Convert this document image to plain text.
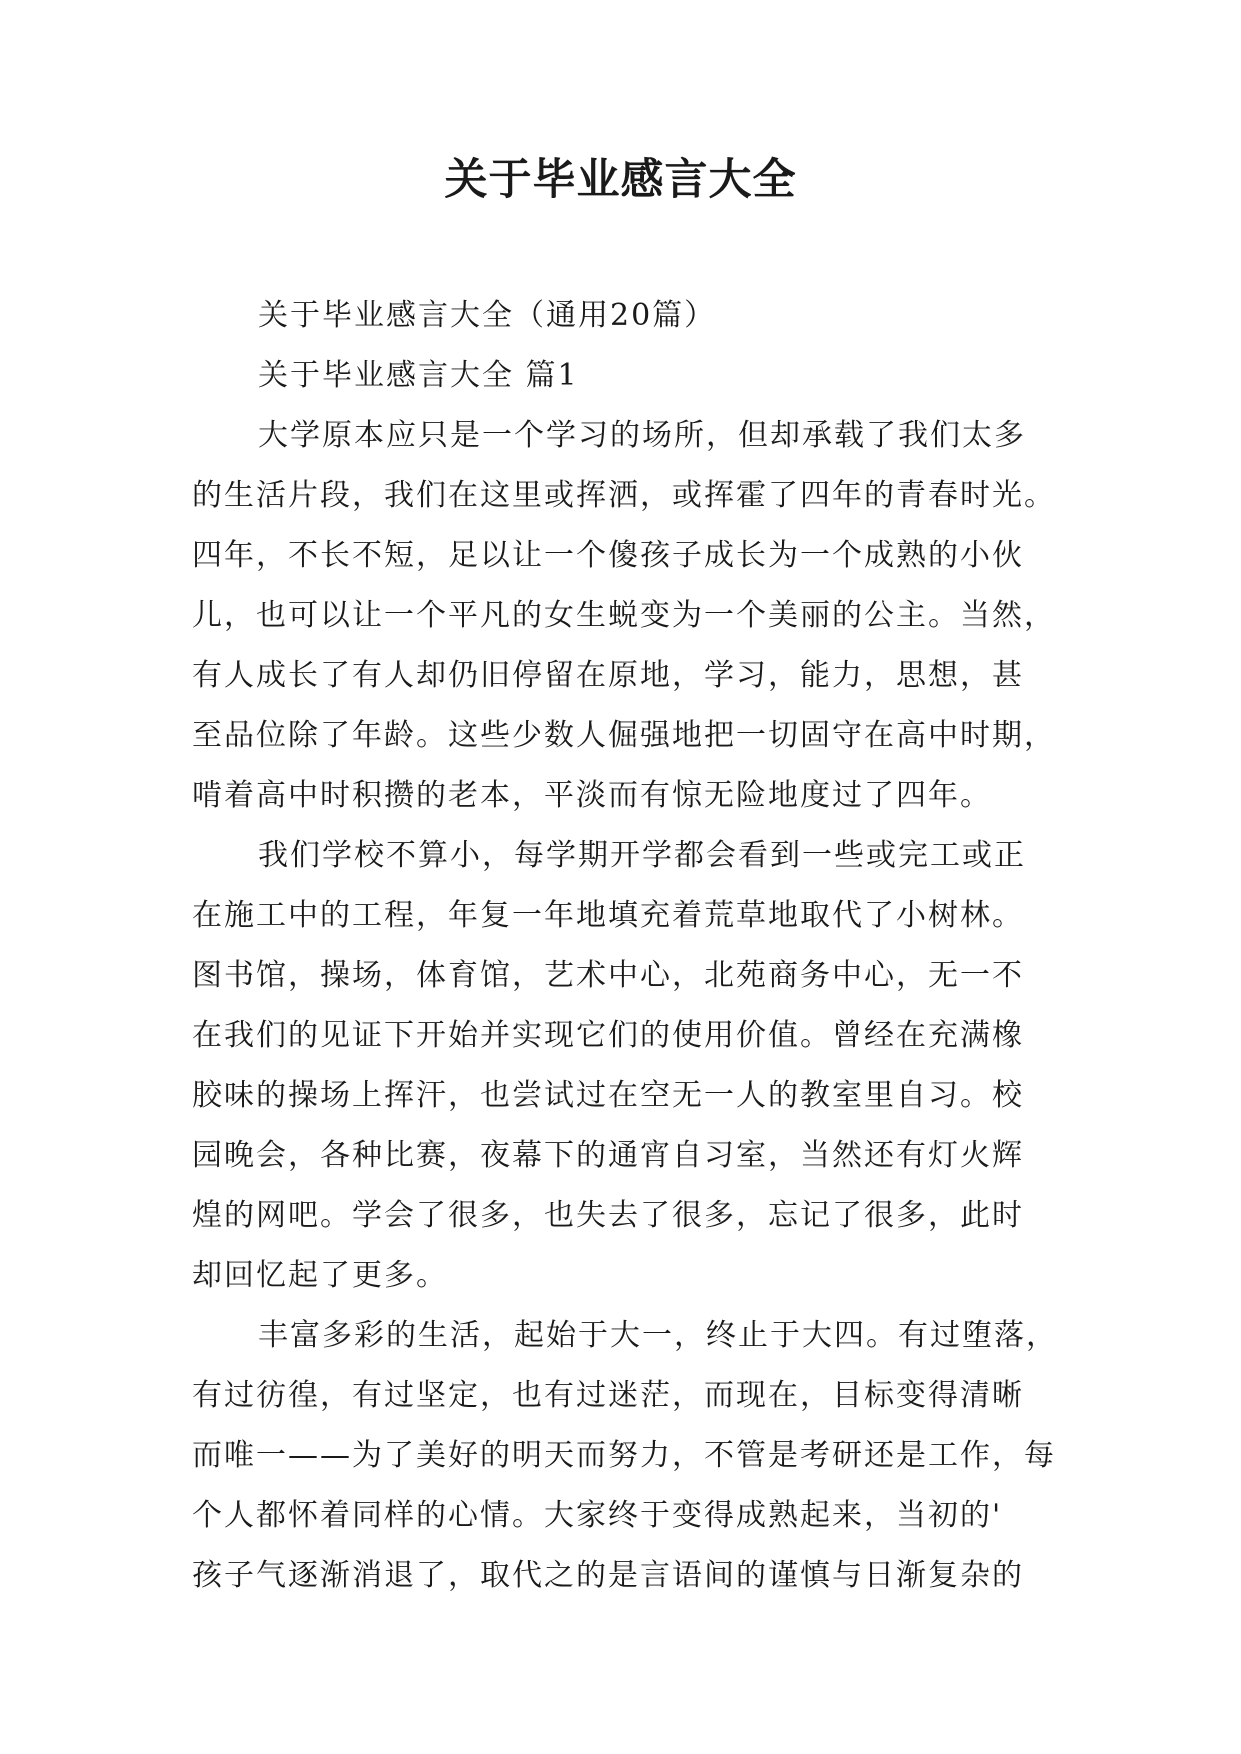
关于毕业感言大全
关于毕业感言大全（通用20篇）
关于毕业感言大全 篇1
大学原本应只是一个学习的场所，但却承载了我们太多
的生活片段，我们在这里或挥洒，或挥霍了四年的青春时光。
四年，不长不短，足以让一个傻孩子成长为一个成熟的小伙
儿，也可以让一个平凡的女生蜕变为一个美丽的公主。当然，
有人成长了有人却仍旧停留在原地，学习，能力，思想，甚
至品位除了年龄。这些少数人倔强地把一切固守在高中时期，
啃着高中时积攒的老本，平淡而有惊无险地度过了四年。
我们学校不算小，每学期开学都会看到一些或完工或正
在施工中的工程，年复一年地填充着荒草地取代了小树林。
图书馆，操场，体育馆，艺术中心，北苑商务中心，无一不
在我们的见证下开始并实现它们的使用价值。曾经在充满橡
胶味的操场上挥汗，也尝试过在空无一人的教室里自习。校
园晚会，各种比赛，夜幕下的通宵自习室，当然还有灯火辉
煌的网吧。学会了很多，也失去了很多，忘记了很多，此时
却回忆起了更多。
丰富多彩的生活，起始于大一，终止于大四。有过堕落，
有过彷徨，有过坚定，也有过迷茫，而现在，目标变得清晰
而唯一——为了美好的明天而努力，不管是考研还是工作，每
个人都怀着同样的心情。大家终于变得成熟起来，当初的'
孩子气逐渐消退了，取代之的是言语间的谨慎与日渐复杂的
